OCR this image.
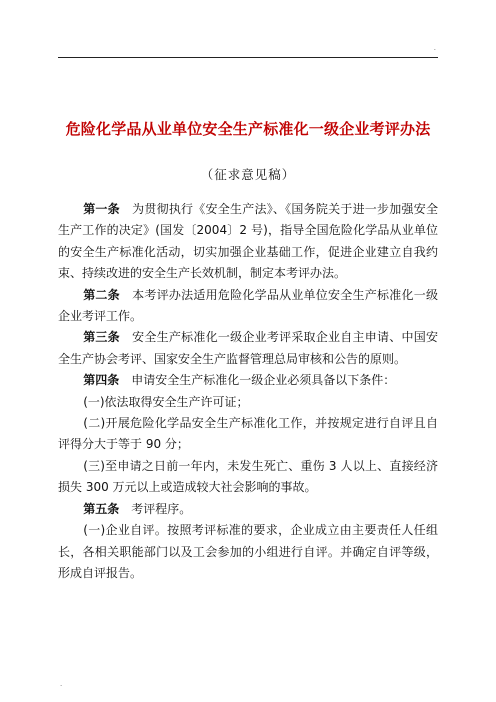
.
危险化学品从业单位安全生产标准化一级企业考评办法
（征求意见稿）

第一条 为贯彻执行《安全生产法》、《国务院关于进一步加强安全生产工作的决定》(国发〔2004〕2 号)，指导全国危险化学品从业单位的安全生产标准化活动，切实加强企业基础工作，促进企业建立自我约束、持续改进的安全生产长效机制，制定本考评办法。

第二条 本考评办法适用危险化学品从业单位安全生产标准化一级企业考评工作。

第三条 安全生产标准化一级企业考评采取企业自主申请、中国安全生产协会考评、国家安全生产监督管理总局审核和公告的原则。

第四条 申请安全生产标准化一级企业必须具备以下条件：

(一)依法取得安全生产许可证；

(二)开展危险化学品安全生产标准化工作，并按规定进行自评且自评得分大于等于 90 分；

(三)至申请之日前一年内，未发生死亡、重伤 3 人以上、直接经济损失 300 万元以上或造成较大社会影响的事故。

第五条 考评程序。

(一)企业自评。按照考评标准的要求，企业成立由主要责任人任组长，各相关职能部门以及工会参加的小组进行自评。并确定自评等级，形成自评报告。

.
